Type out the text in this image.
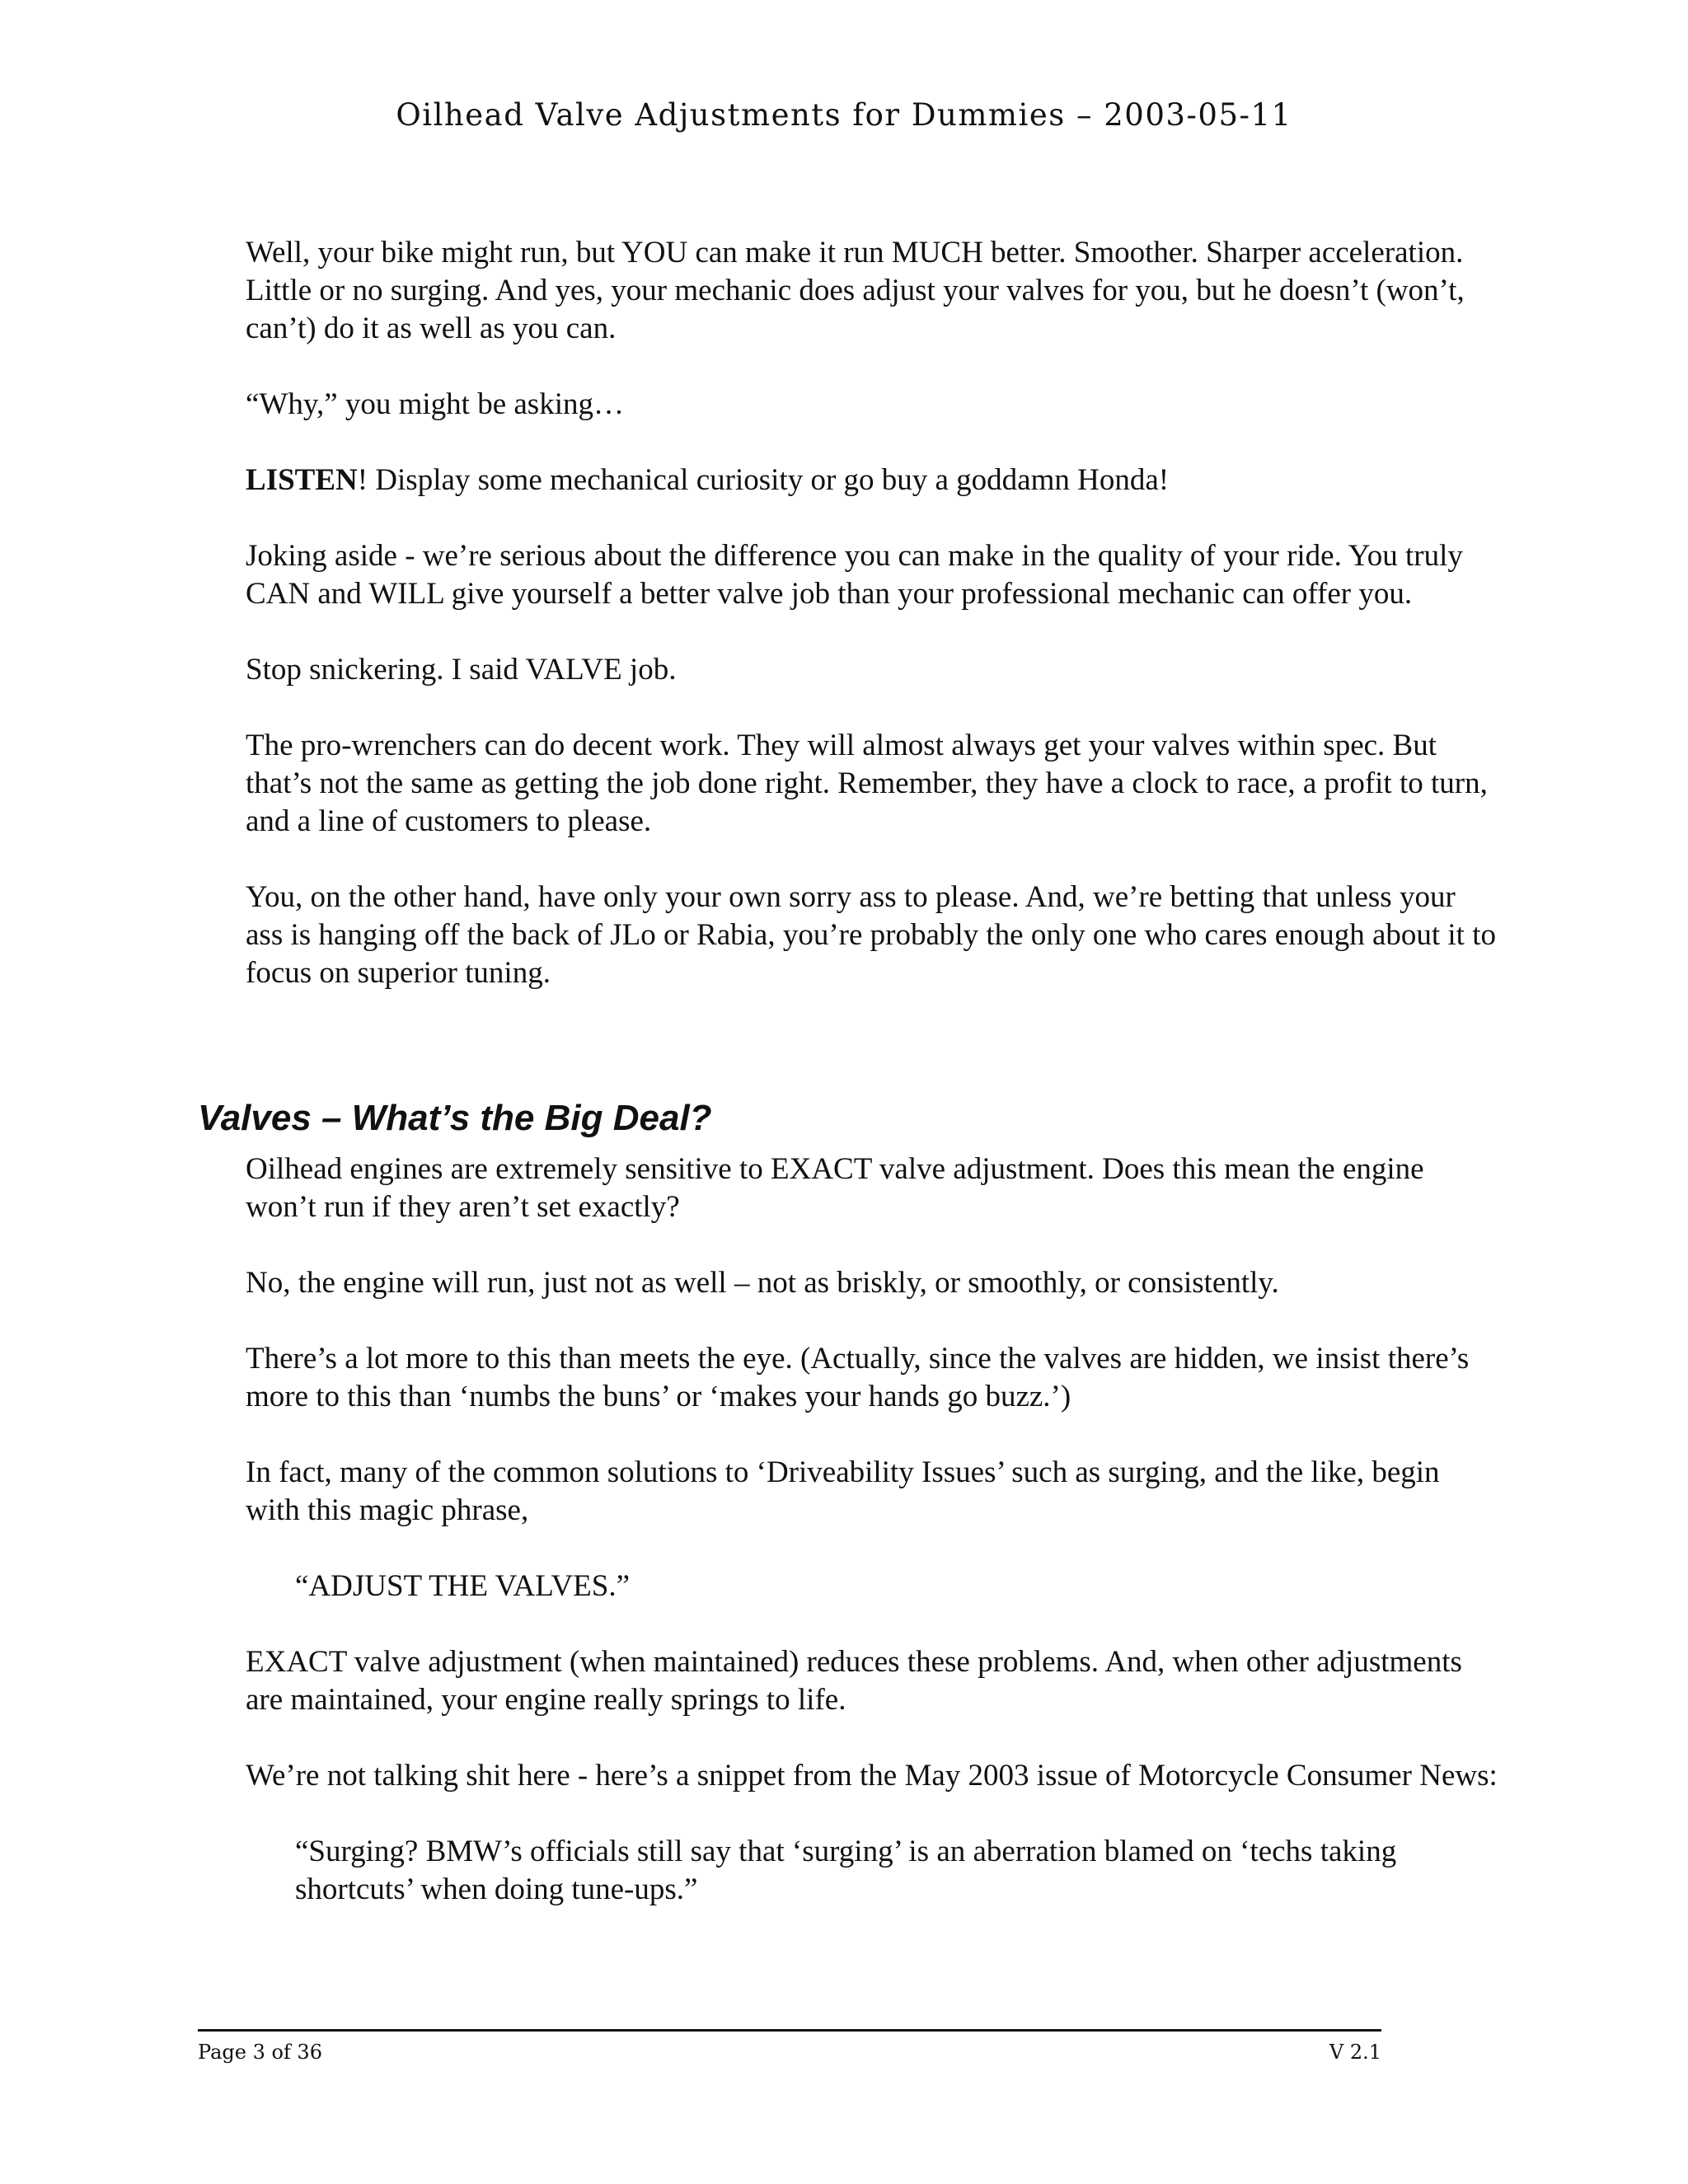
Oilhead Valve Adjustments for Dummies – 2003-05-11

Well, your bike might run, but YOU can make it run MUCH better. Smoother. Sharper acceleration. Little or no surging. And yes, your mechanic does adjust your valves for you, but he doesn’t (won’t, can’t) do it as well as you can.

“Why,” you might be asking…

LISTEN! Display some mechanical curiosity or go buy a goddamn Honda!

Joking aside - we’re serious about the difference you can make in the quality of your ride. You truly CAN and WILL give yourself a better valve job than your professional mechanic can offer you.

Stop snickering. I said VALVE job.

The pro-wrenchers can do decent work. They will almost always get your valves within spec. But that’s not the same as getting the job done right. Remember, they have a clock to race, a profit to turn, and a line of customers to please.

You, on the other hand, have only your own sorry ass to please. And, we’re betting that unless your ass is hanging off the back of JLo or Rabia, you’re probably the only one who cares enough about it to focus on superior tuning.

Valves – What’s the Big Deal?

Oilhead engines are extremely sensitive to EXACT valve adjustment. Does this mean the engine won’t run if they aren’t set exactly?

No, the engine will run, just not as well – not as briskly, or smoothly, or consistently.

There’s a lot more to this than meets the eye. (Actually, since the valves are hidden, we insist there’s more to this than ‘numbs the buns’ or ‘makes your hands go buzz.’)

In fact, many of the common solutions to ‘Driveability Issues’ such as surging, and the like, begin with this magic phrase,

“ADJUST THE VALVES.”

EXACT valve adjustment (when maintained) reduces these problems. And, when other adjustments are maintained, your engine really springs to life.

We’re not talking shit here - here’s a snippet from the May 2003 issue of Motorcycle Consumer News:

“Surging? BMW’s officials still say that ‘surging’ is an aberration blamed on ‘techs taking shortcuts’ when doing tune-ups.”

Page 3 of 36	V 2.1
